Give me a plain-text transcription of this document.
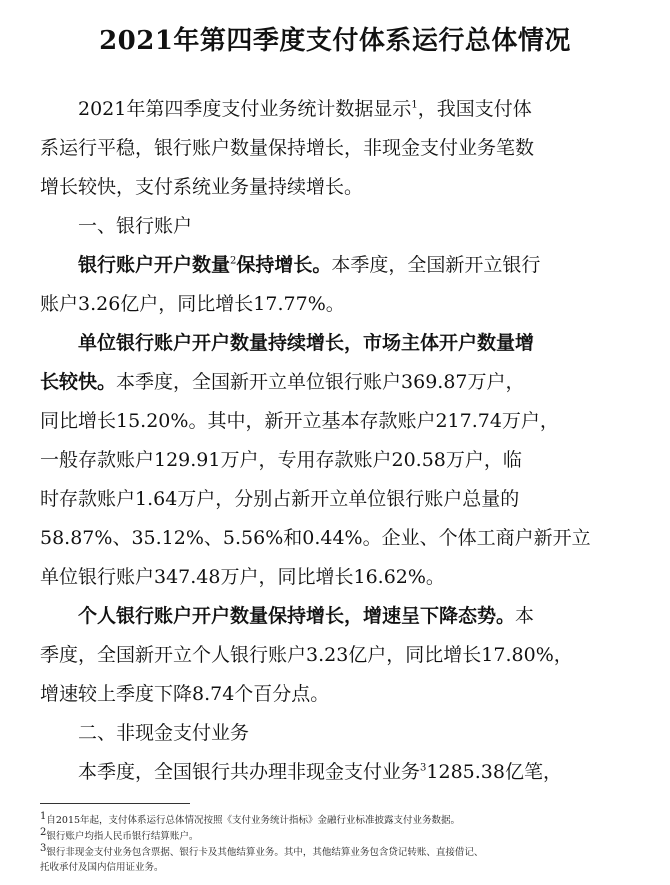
2021年第四季度支付体系运行总体情况
2021年第四季度支付业务统计数据显示$^1$，我国支付体
系运行平稳，银行账户数量保持增长，非现金支付业务笔数
增长较快，支付系统业务量持续增长。
一、银行账户
银行账户开户数量$^2$保持增长。本季度，全国新开立银行
账户3.26亿户，同比增长17.77%。
单位银行账户开户数量持续增长，市场主体开户数量增
长较快。本季度，全国新开立单位银行账户369.87万户，
同比增长15.20%。其中，新开立基本存款账户217.74万户，
一般存款账户129.91万户，专用存款账户20.58万户，临
时存款账户1.64万户，分别占新开立单位银行账户总量的
58.87%、35.12%、5.56%和0.44%。企业、个体工商户新开立
单位银行账户347.48万户，同比增长16.62%。
个人银行账户开户数量保持增长，增速呈下降态势。本
季度，全国新开立个人银行账户3.23亿户，同比增长17.80%，
增速较上季度下降8.74个百分点。
二、非现金支付业务
本季度，全国银行共办理非现金支付业务$^3$1285.38亿笔，
$^1$自2015年起，支付体系运行总体情况按照《支付业务统计指标》金融行业标准披露支付业务数据。
$^2$银行账户均指人民币银行结算账户。
$^3$银行非现金支付业务包含票据、银行卡及其他结算业务。其中，其他结算业务包含贷记转账、直接借记、
托收承付及国内信用证业务。
